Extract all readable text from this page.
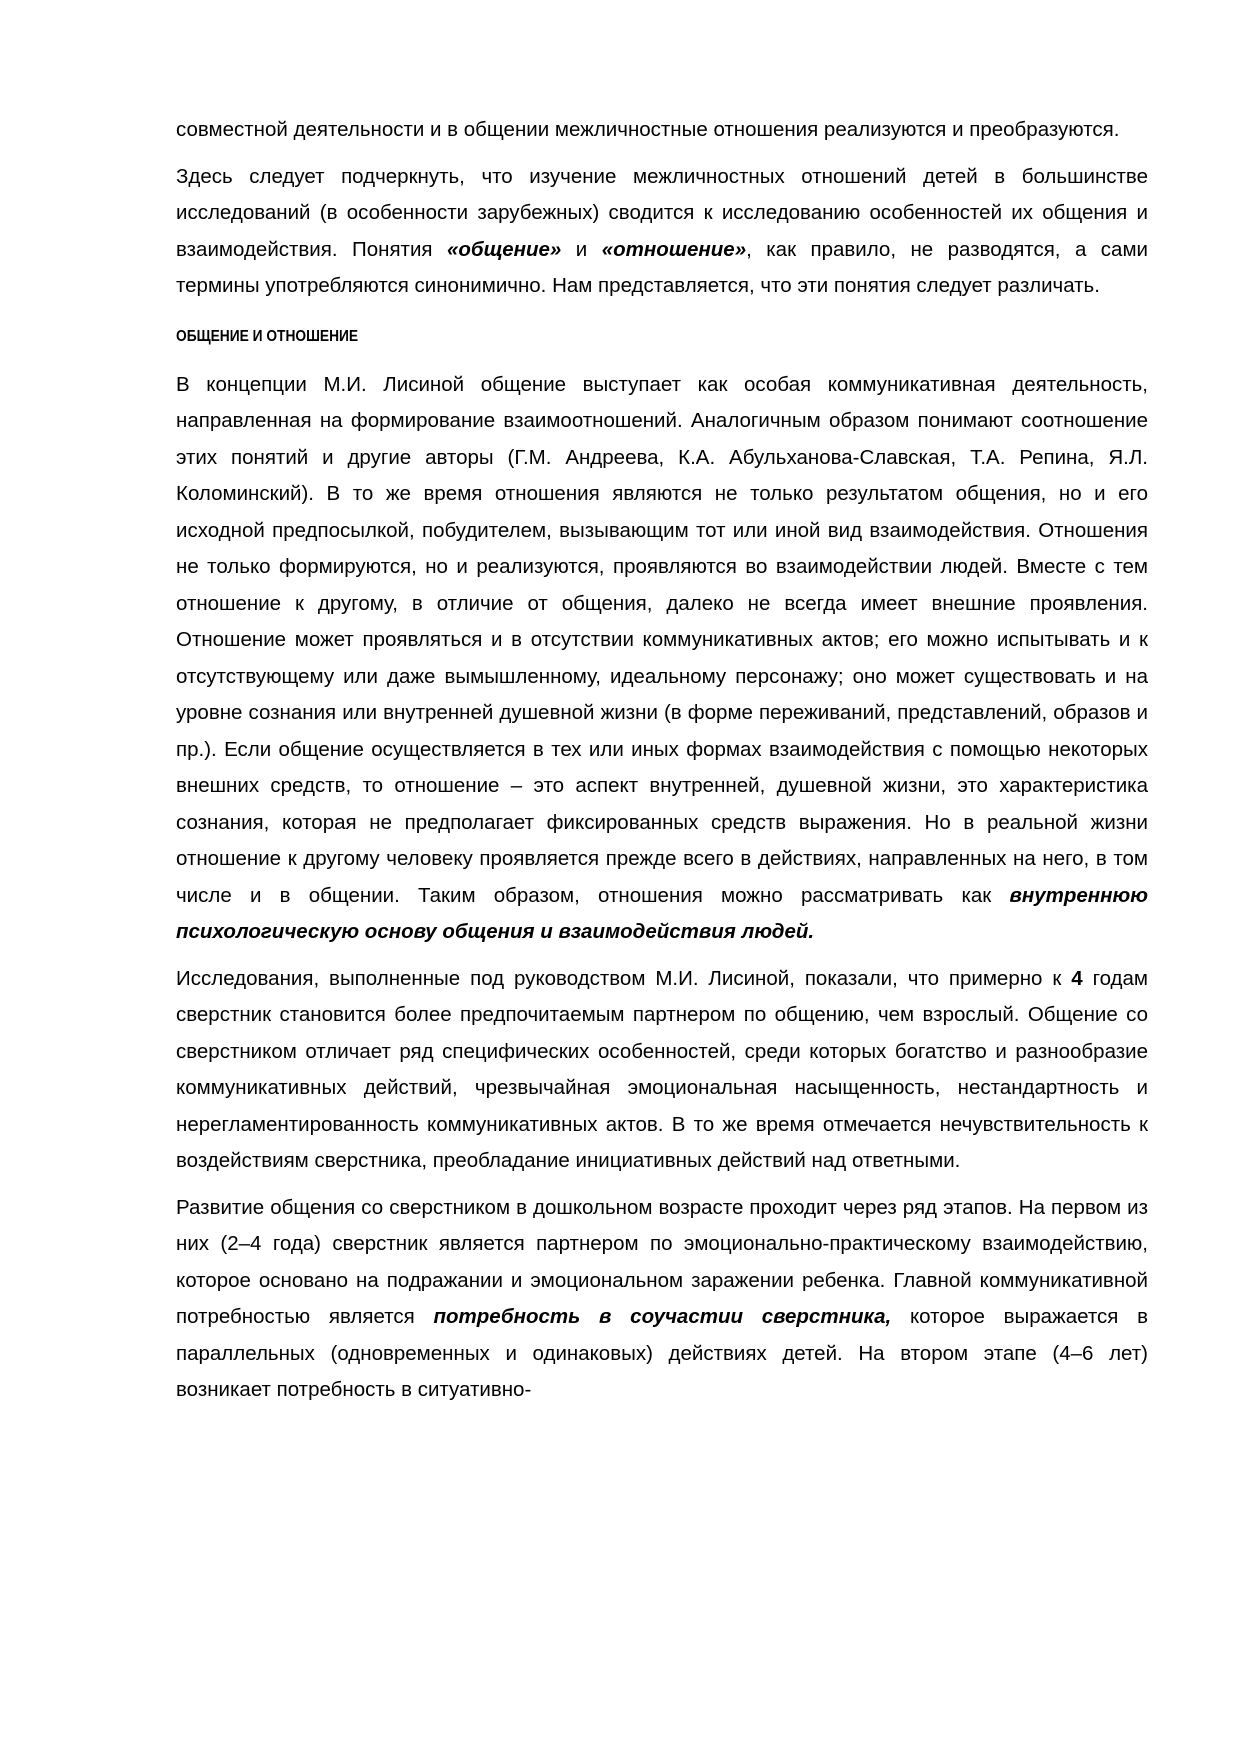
совместной деятельности и в общении межличностные отношения реализуются и преобразуются.

Здесь следует подчеркнуть, что изучение межличностных отношений детей в большинстве исследований (в особенности зарубежных) сводится к исследованию особенностей их общения и взаимодействия. Понятия «общение» и «отношение», как правило, не разводятся, а сами термины употребляются синонимично. Нам представляется, что эти понятия следует различать.

ОБЩЕНИЕ И ОТНОШЕНИЕ

В концепции М.И. Лисиной общение выступает как особая коммуникативная деятельность, направленная на формирование взаимоотношений. Аналогичным образом понимают соотношение этих понятий и другие авторы (Г.М. Андреева, К.А. Абульханова-Славская, Т.А. Репина, Я.Л. Коломинский). В то же время отношения являются не только результатом общения, но и его исходной предпосылкой, побудителем, вызывающим тот или иной вид взаимодействия. Отношения не только формируются, но и реализуются, проявляются во взаимодействии людей. Вместе с тем отношение к другому, в отличие от общения, далеко не всегда имеет внешние проявления. Отношение может проявляться и в отсутствии коммуникативных актов; его можно испытывать и к отсутствующему или даже вымышленному, идеальному персонажу; оно может существовать и на уровне сознания или внутренней душевной жизни (в форме переживаний, представлений, образов и пр.). Если общение осуществляется в тех или иных формах взаимодействия с помощью некоторых внешних средств, то отношение – это аспект внутренней, душевной жизни, это характеристика сознания, которая не предполагает фиксированных средств выражения. Но в реальной жизни отношение к другому человеку проявляется прежде всего в действиях, направленных на него, в том числе и в общении. Таким образом, отношения можно рассматривать как внутреннюю психологическую основу общения и взаимодействия людей.

Исследования, выполненные под руководством М.И. Лисиной, показали, что примерно к 4 годам сверстник становится более предпочитаемым партнером по общению, чем взрослый. Общение со сверстником отличает ряд специфических особенностей, среди которых богатство и разнообразие коммуникативных действий, чрезвычайная эмоциональная насыщенность, нестандартность и нерегламентированность коммуникативных актов. В то же время отмечается нечувствительность к воздействиям сверстника, преобладание инициативных действий над ответными.

Развитие общения со сверстником в дошкольном возрасте проходит через ряд этапов. На первом из них (2–4 года) сверстник является партнером по эмоционально-практическому взаимодействию, которое основано на подражании и эмоциональном заражении ребенка. Главной коммуникативной потребностью является потребность в соучастии сверстника, которое выражается в параллельных (одновременных и одинаковых) действиях детей. На втором этапе (4–6 лет) возникает потребность в ситуативно-
